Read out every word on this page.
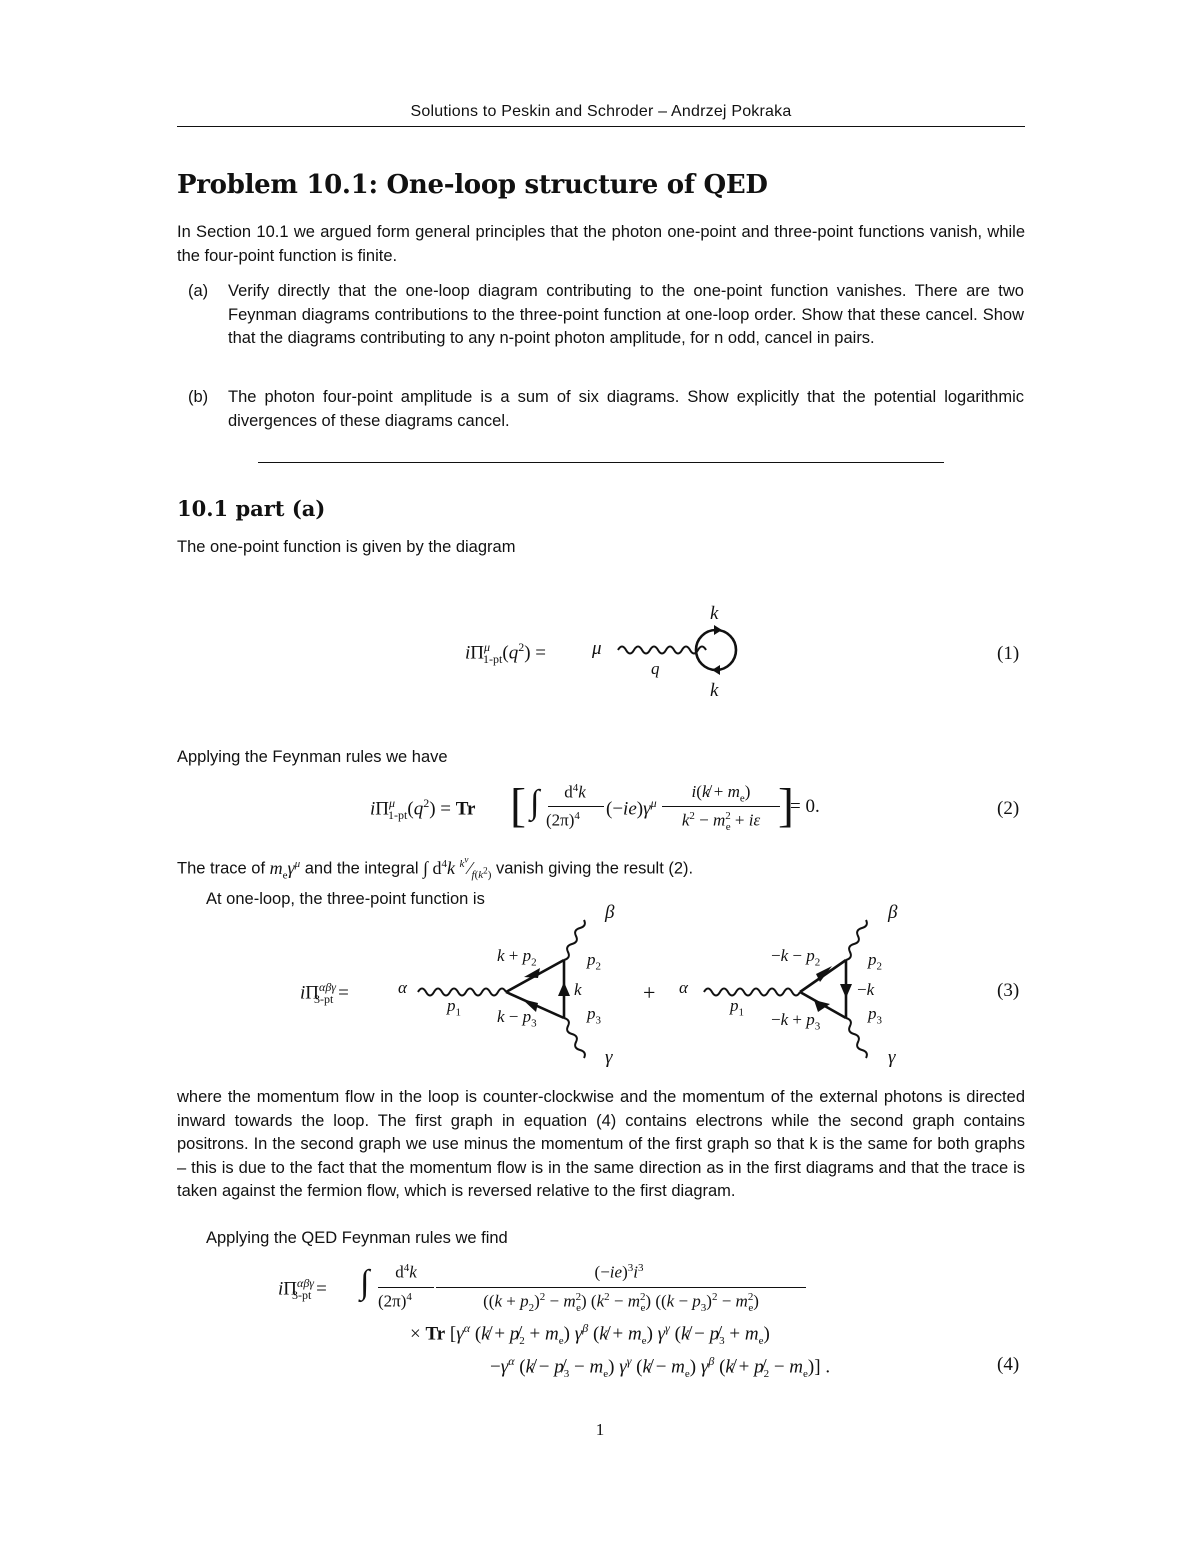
Solutions to Peskin and Schroder – Andrzej Pokraka
Problem 10.1: One-loop structure of QED
In Section 10.1 we argued form general principles that the photon one-point and three-point functions vanish, while the four-point function is finite.
(a)	Verify directly that the one-loop diagram contributing to the one-point function vanishes. There are two Feynman diagrams contributions to the three-point function at one-loop order. Show that these cancel. Show that the diagrams contributing to any n-point photon amplitude, for n odd, cancel in pairs.
(b)	The photon four-point amplitude is a sum of six diagrams. Show explicitly that the potential logarithmic divergences of these diagrams cancel.
10.1 part (a)
The one-point function is given by the diagram
$i\Pi^\mu_{1-pt}(q^2) = \mu$
k
k
q
(1)
Applying the Feynman rules we have
$i\Pi^\mu_{1-pt}(q^2) = Tr$ [ ∫	$d^4k$
$(2\pi)^4$ $(-ie)\gamma^\mu$
i(k̸ + $m_e$)
$k^2 - m^2_e + i\varepsilon$ ]
= 0.	(2)
The trace of $m_e\gamma^\mu$ and the integral ∫ $d^4k$ $^{k^\nu}⁄_{f(k^2)}$ vanish giving the result (2).
At one-loop, the three-point function is
$i\Pi^{\alpha\beta\gamma}_{3-pt}$ =	α
β
γ
$p_1$
$p_2$
$p_3$
$k + p_2$
$k - p_3$
k	+ α
β
γ
$p_1$
$p_2$
$p_3$
$-k - p_2$
$-k + p_3$
−k	(3)
where the momentum flow in the loop is counter-clockwise and the momentum of the external photons is directed inward towards the loop. The first graph in equation (4) contains electrons while the second graph contains positrons. In the second graph we use minus the momentum of the first graph so that k is the same for both graphs – this is due to the fact that the momentum flow is in the same direction as in the first diagrams and that the trace is taken against the fermion flow, which is reversed relative to the first diagram.
Applying the QED Feynman rules we find
$i\Pi^{\alpha\beta\gamma}_{3-pt}$ = ∫	$d^4k$
$(2\pi)^4$
$(-ie)^3i^3$
$((k + p_2)^2 - m^2_e)$ $(k^2 - m^2_e) ((k - p_3)^2 - m^2_e)$
× Tr [$\gamma^\alpha$ (k̸ + $p̸_2 + m_e$) $\gamma^\beta$ (k̸ + $m_e$) $\gamma^\gamma$ (k̸ − $p̸_3 + m_e$)
$-\gamma^\alpha$ (k̸ − $p̸_3 - m_e$) $\gamma^\gamma$ (k̸ − $m_e$) $\gamma^\beta$ (k̸ + $p̸_2 - m_e$)] .	(4)
1
